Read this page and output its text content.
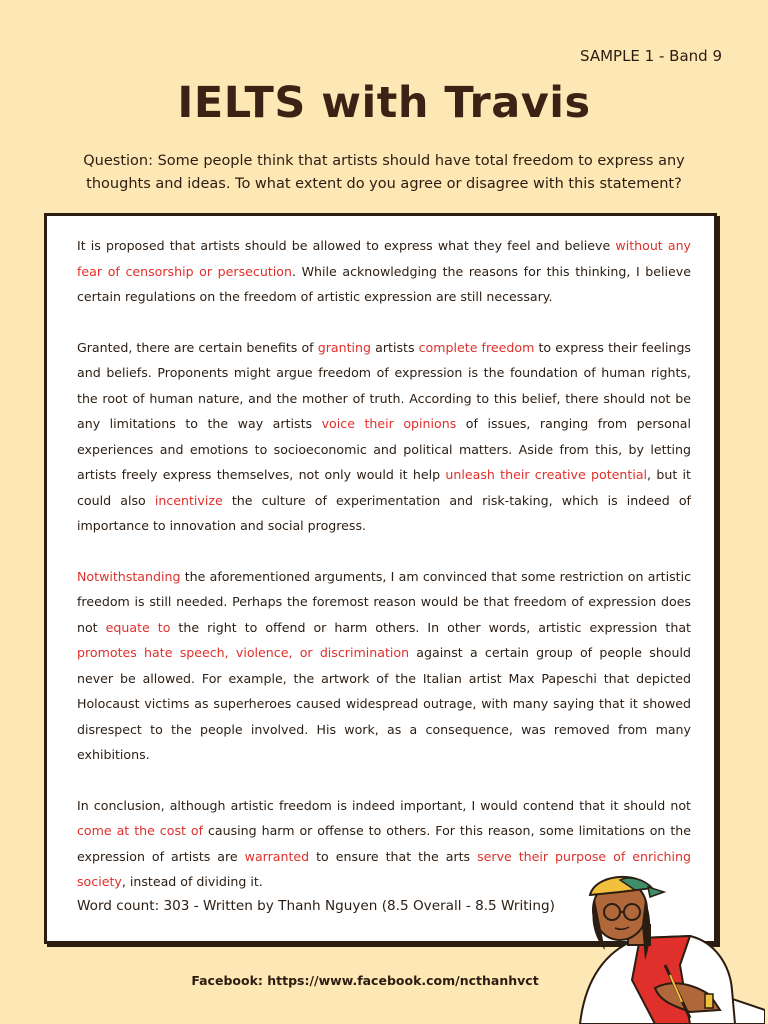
SAMPLE 1 - Band 9
IELTS with Travis
Question: Some people think that artists should have total freedom to express any thoughts and ideas. To what extent do you agree or disagree with this statement?

It is proposed that artists should be allowed to express what they feel and believe without any fear of censorship or persecution. While acknowledging the reasons for this thinking, I believe certain regulations on the freedom of artistic expression are still necessary.

Granted, there are certain benefits of granting artists complete freedom to express their feelings and beliefs. Proponents might argue freedom of expression is the foundation of human rights, the root of human nature, and the mother of truth. According to this belief, there should not be any limitations to the way artists voice their opinions of issues, ranging from personal experiences and emotions to socioeconomic and political matters. Aside from this, by letting artists freely express themselves, not only would it help unleash their creative potential, but it could also incentivize the culture of experimentation and risk-taking, which is indeed of importance to innovation and social progress.

Notwithstanding the aforementioned arguments, I am convinced that some restriction on artistic freedom is still needed. Perhaps the foremost reason would be that freedom of expression does not equate to the right to offend or harm others. In other words, artistic expression that promotes hate speech, violence, or discrimination against a certain group of people should never be allowed. For example, the artwork of the Italian artist Max Papeschi that depicted Holocaust victims as superheroes caused widespread outrage, with many saying that it showed disrespect to the people involved. His work, as a consequence, was removed from many exhibitions.

In conclusion, although artistic freedom is indeed important, I would contend that it should not come at the cost of causing harm or offense to others. For this reason, some limitations on the expression of artists are warranted to ensure that the arts serve their purpose of enriching society, instead of dividing it.

Word count: 303 - Written by Thanh Nguyen (8.5 Overall - 8.5 Writing)
Facebook: https://www.facebook.com/ncthanhvct
